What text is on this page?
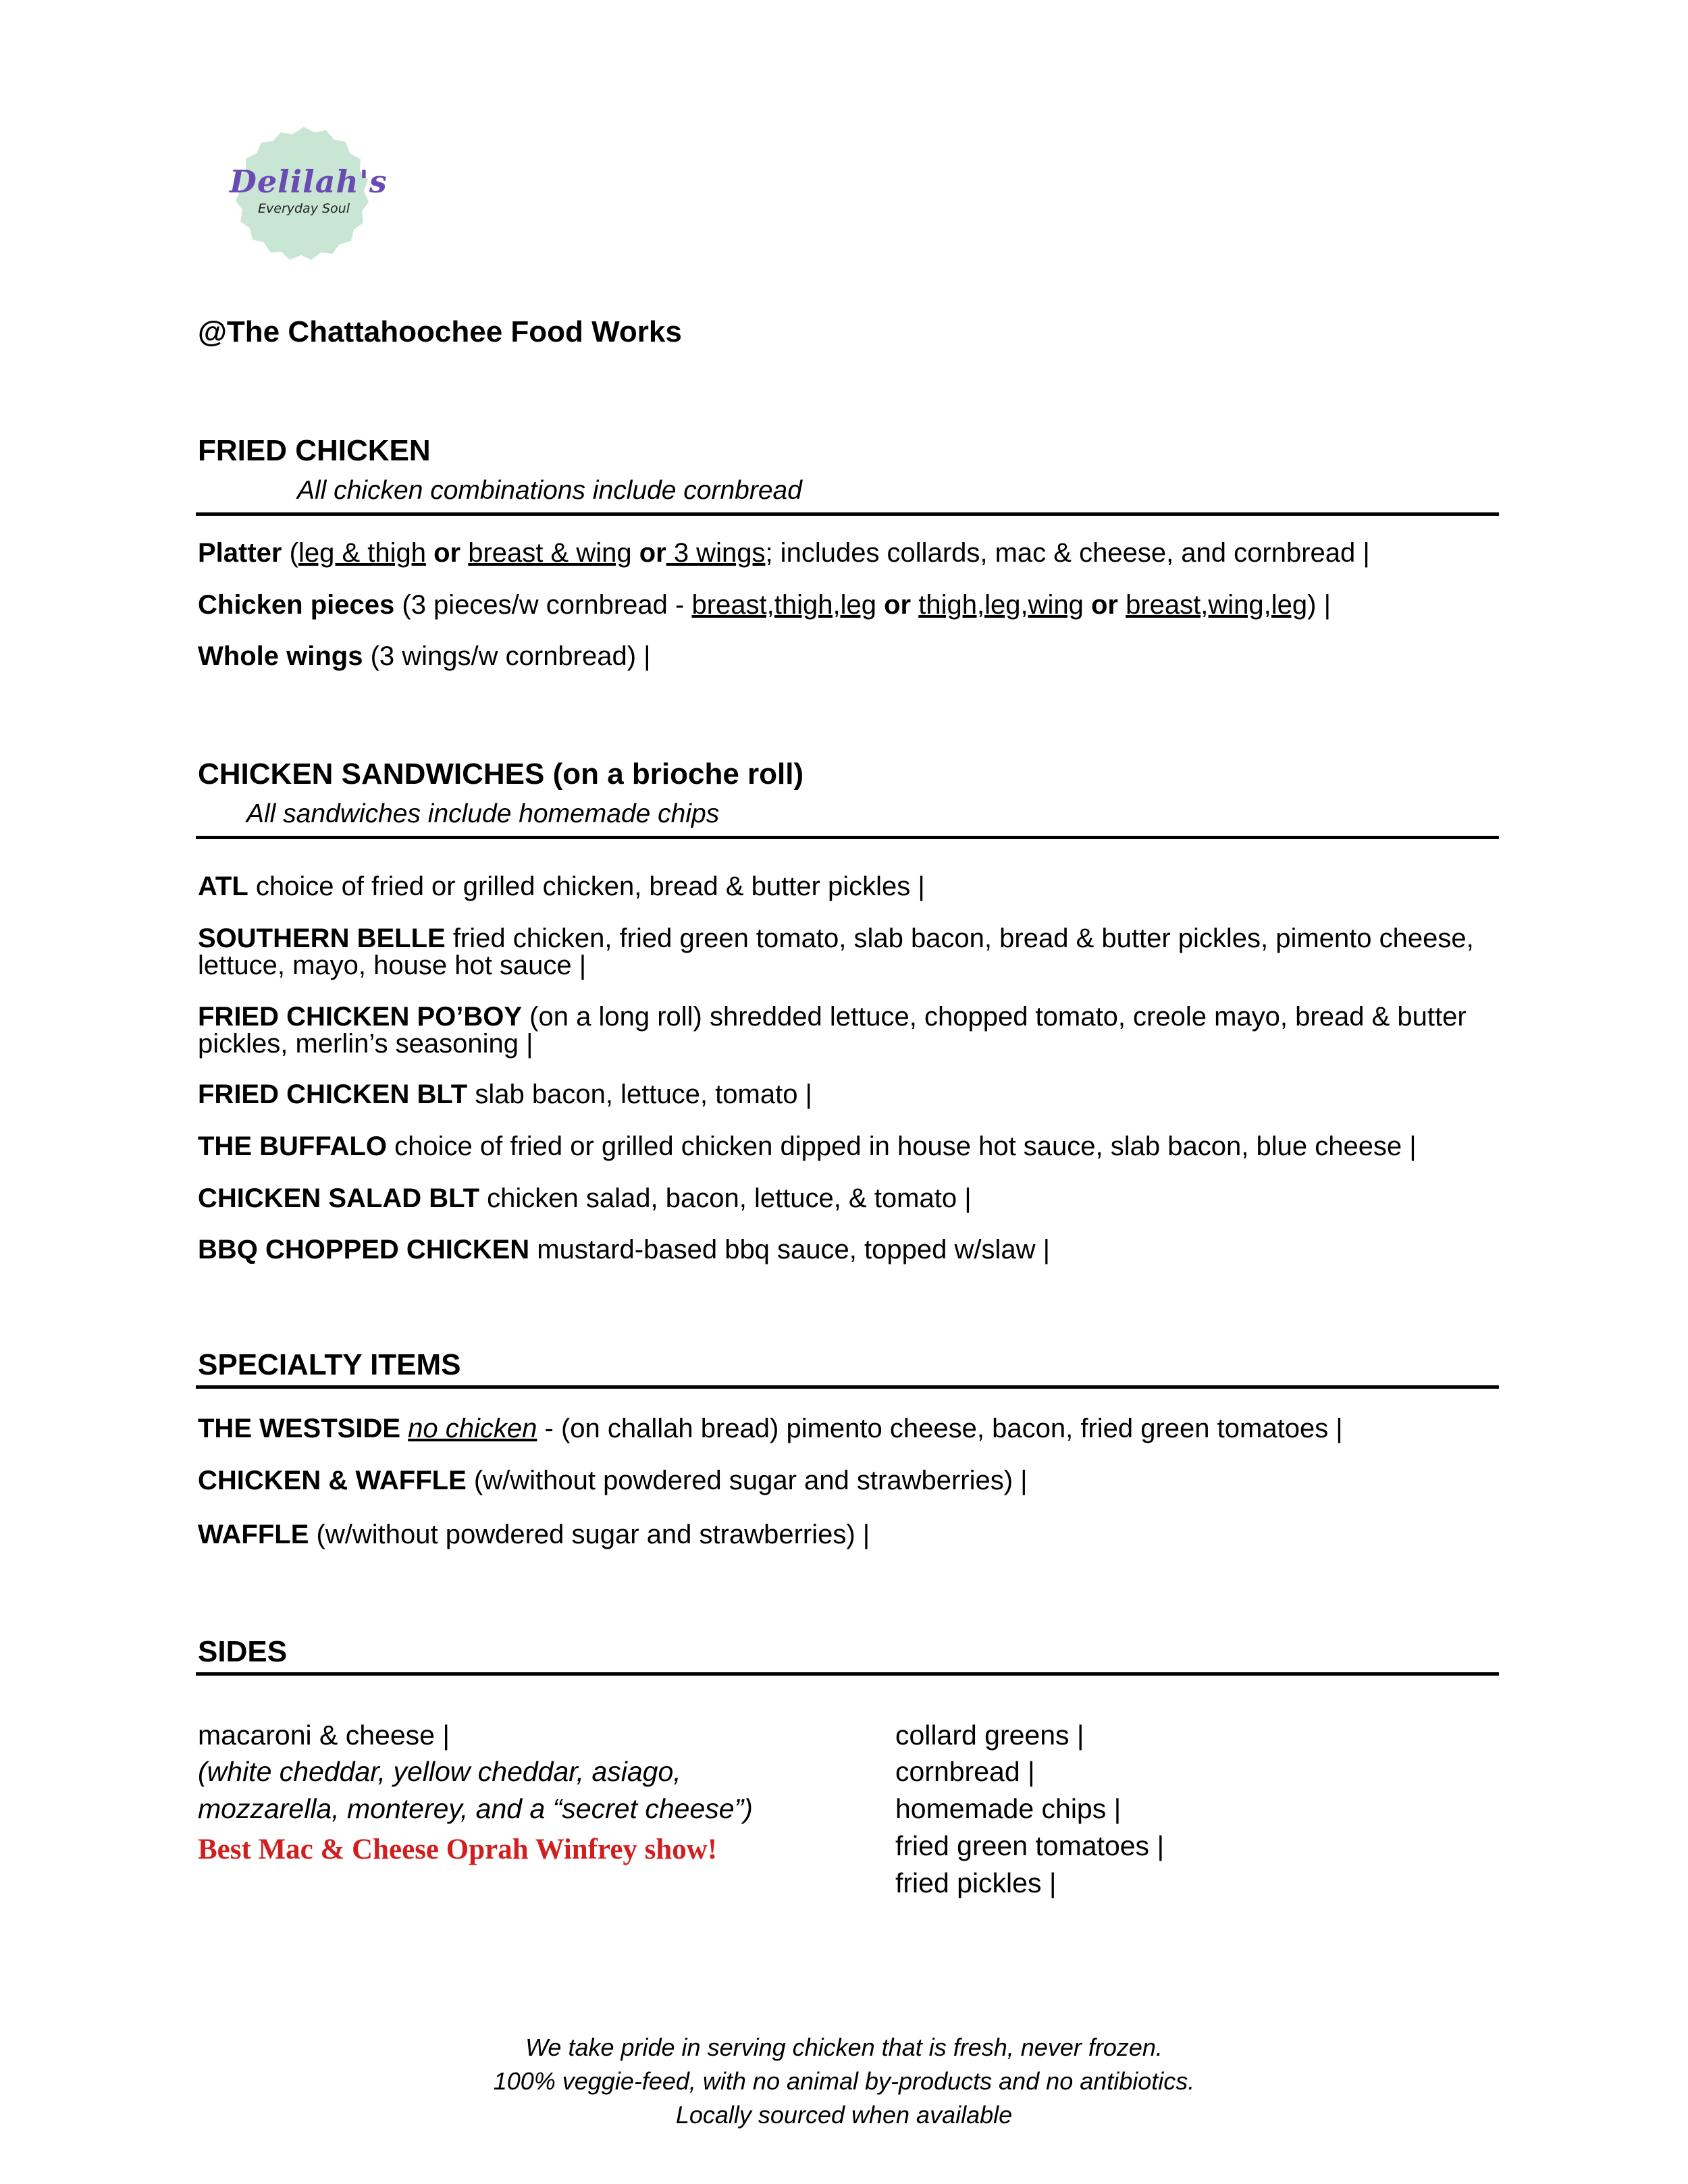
Delilah's
Everyday Soul
@The Chattahoochee Food Works
FRIED CHICKEN
All chicken combinations include cornbread
Platter (leg & thigh or breast & wing or 3 wings; includes collards, mac & cheese, and cornbread |
Chicken pieces (3 pieces/w cornbread - breast,thigh,leg or thigh,leg,wing or breast,wing,leg) |
Whole wings (3 wings/w cornbread) |
CHICKEN SANDWICHES (on a brioche roll)
All sandwiches include homemade chips
ATL choice of fried or grilled chicken, bread & butter pickles |
SOUTHERN BELLE fried chicken, fried green tomato, slab bacon, bread & butter pickles, pimento cheese, lettuce, mayo, house hot sauce |
FRIED CHICKEN PO’BOY (on a long roll) shredded lettuce, chopped tomato, creole mayo, bread & butter pickles, merlin’s seasoning |
FRIED CHICKEN BLT slab bacon, lettuce, tomato |
THE BUFFALO choice of fried or grilled chicken dipped in house hot sauce, slab bacon, blue cheese |
CHICKEN SALAD BLT chicken salad, bacon, lettuce, & tomato |
BBQ CHOPPED CHICKEN mustard-based bbq sauce, topped w/slaw |
SPECIALTY ITEMS
THE WESTSIDE no chicken - (on challah bread) pimento cheese, bacon, fried green tomatoes |
CHICKEN & WAFFLE (w/without powdered sugar and strawberries) |
WAFFLE (w/without powdered sugar and strawberries) |
SIDES
macaroni & cheese |
(white cheddar, yellow cheddar, asiago,
mozzarella, monterey, and a “secret cheese”)
Best Mac & Cheese Oprah Winfrey show!
collard greens |
cornbread |
homemade chips |
fried green tomatoes |
fried pickles |
We take pride in serving chicken that is fresh, never frozen.
100% veggie-feed, with no animal by-products and no antibiotics.
Locally sourced when available
